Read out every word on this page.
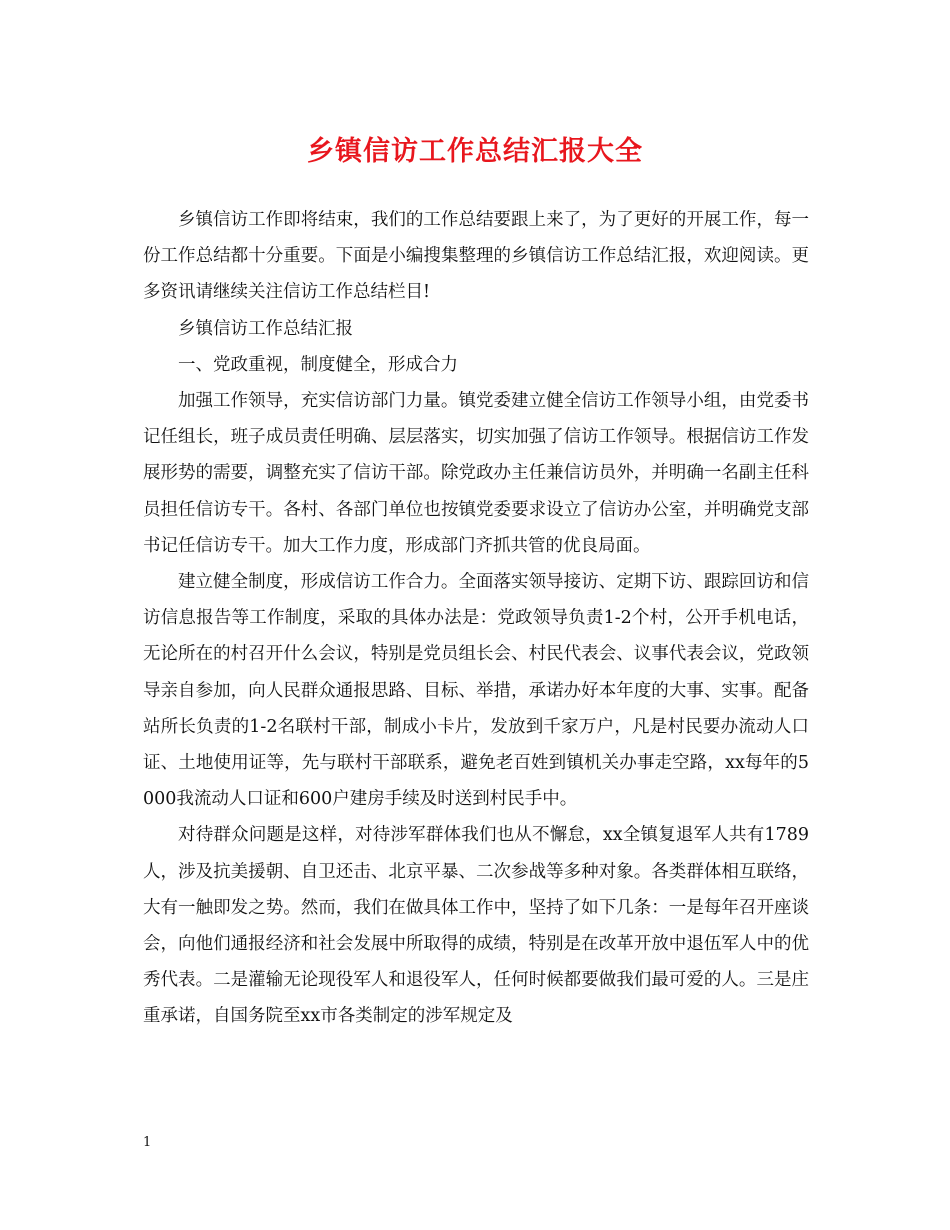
乡镇信访工作总结汇报大全

乡镇信访工作即将结束，我们的工作总结要跟上来了，为了更好的开展工作，每一份工作总结都十分重要。下面是小编搜集整理的乡镇信访工作总结汇报，欢迎阅读。更多资讯请继续关注信访工作总结栏目!

乡镇信访工作总结汇报

一、党政重视，制度健全，形成合力

加强工作领导，充实信访部门力量。镇党委建立健全信访工作领导小组，由党委书记任组长，班子成员责任明确、层层落实，切实加强了信访工作领导。根据信访工作发展形势的需要，调整充实了信访干部。除党政办主任兼信访员外，并明确一名副主任科员担任信访专干。各村、各部门单位也按镇党委要求设立了信访办公室，并明确党支部书记任信访专干。加大工作力度，形成部门齐抓共管的优良局面。

建立健全制度，形成信访工作合力。全面落实领导接访、定期下访、跟踪回访和信访信息报告等工作制度，采取的具体办法是：党政领导负责1-2个村，公开手机电话，无论所在的村召开什么会议，特别是党员组长会、村民代表会、议事代表会议，党政领导亲自参加，向人民群众通报思路、目标、举措，承诺办好本年度的大事、实事。配备站所长负责的1-2名联村干部，制成小卡片，发放到千家万户，凡是村民要办流动人口证、土地使用证等，先与联村干部联系，避免老百姓到镇机关办事走空路，xx每年的5000我流动人口证和600户建房手续及时送到村民手中。

对待群众问题是这样，对待涉军群体我们也从不懈怠，xx全镇复退军人共有1789人，涉及抗美援朝、自卫还击、北京平暴、二次参战等多种对象。各类群体相互联络，大有一触即发之势。然而，我们在做具体工作中，坚持了如下几条：一是每年召开座谈会，向他们通报经济和社会发展中所取得的成绩，特别是在改革开放中退伍军人中的优秀代表。二是灌输无论现役军人和退役军人，任何时候都要做我们最可爱的人。三是庄重承诺，自国务院至xx市各类制定的涉军规定及

1
